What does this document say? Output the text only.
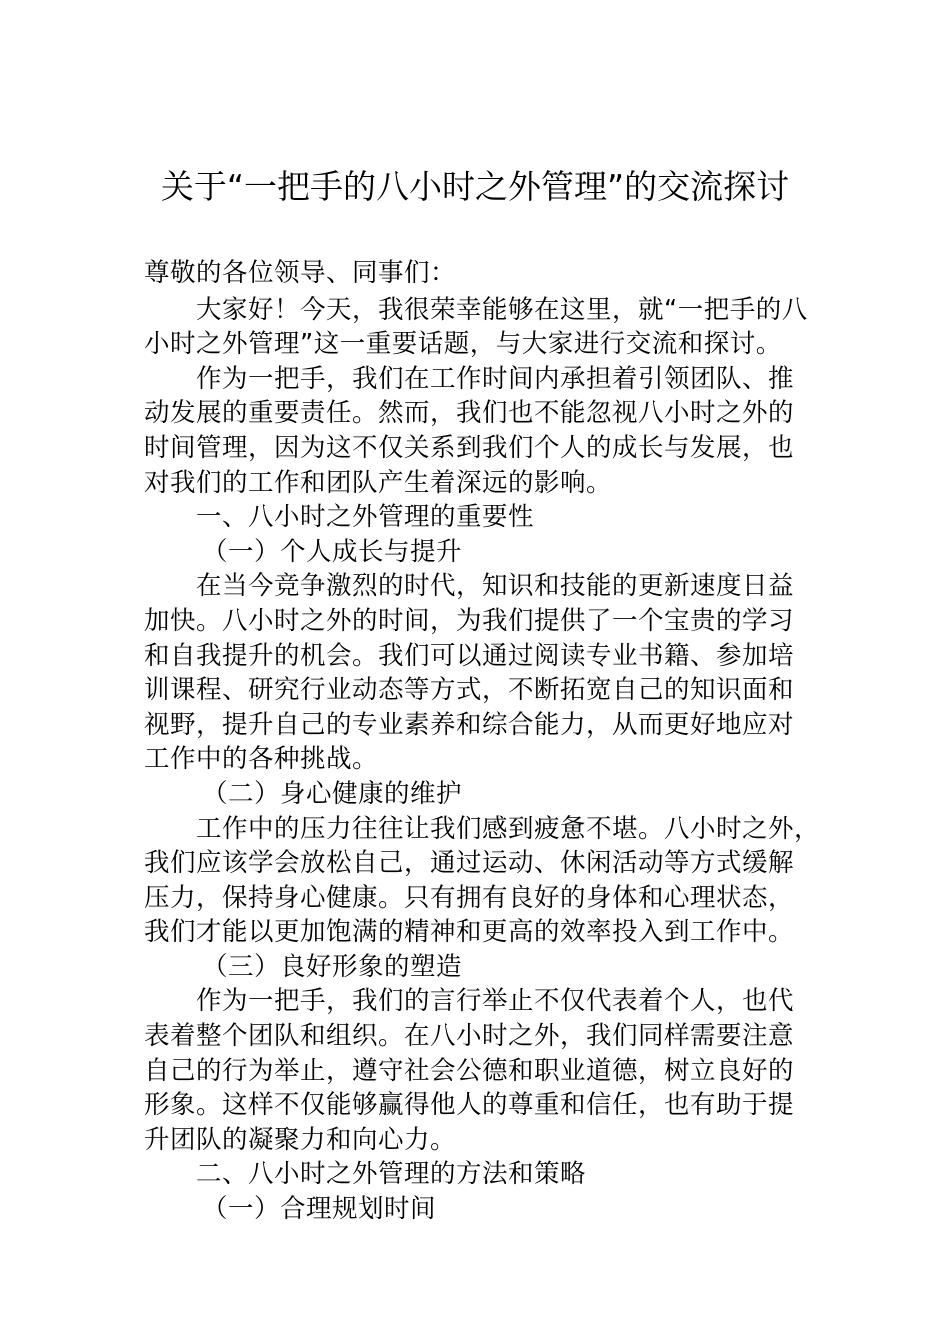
关于“一把手的八小时之外管理”的交流探讨
尊敬的各位领导、同事们：
大家好！今天，我很荣幸能够在这里，就“一把手的八
小时之外管理”这一重要话题，与大家进行交流和探讨。
作为一把手，我们在工作时间内承担着引领团队、推
动发展的重要责任。然而，我们也不能忽视八小时之外的
时间管理，因为这不仅关系到我们个人的成长与发展，也
对我们的工作和团队产生着深远的影响。
一、八小时之外管理的重要性
（一）个人成长与提升
在当今竞争激烈的时代，知识和技能的更新速度日益
加快。八小时之外的时间，为我们提供了一个宝贵的学习
和自我提升的机会。我们可以通过阅读专业书籍、参加培
训课程、研究行业动态等方式，不断拓宽自己的知识面和
视野，提升自己的专业素养和综合能力，从而更好地应对
工作中的各种挑战。
（二）身心健康的维护
工作中的压力往往让我们感到疲惫不堪。八小时之外，
我们应该学会放松自己，通过运动、休闲活动等方式缓解
压力，保持身心健康。只有拥有良好的身体和心理状态，
我们才能以更加饱满的精神和更高的效率投入到工作中。
（三）良好形象的塑造
作为一把手，我们的言行举止不仅代表着个人，也代
表着整个团队和组织。在八小时之外，我们同样需要注意
自己的行为举止，遵守社会公德和职业道德，树立良好的
形象。这样不仅能够赢得他人的尊重和信任，也有助于提
升团队的凝聚力和向心力。
二、八小时之外管理的方法和策略
（一）合理规划时间
